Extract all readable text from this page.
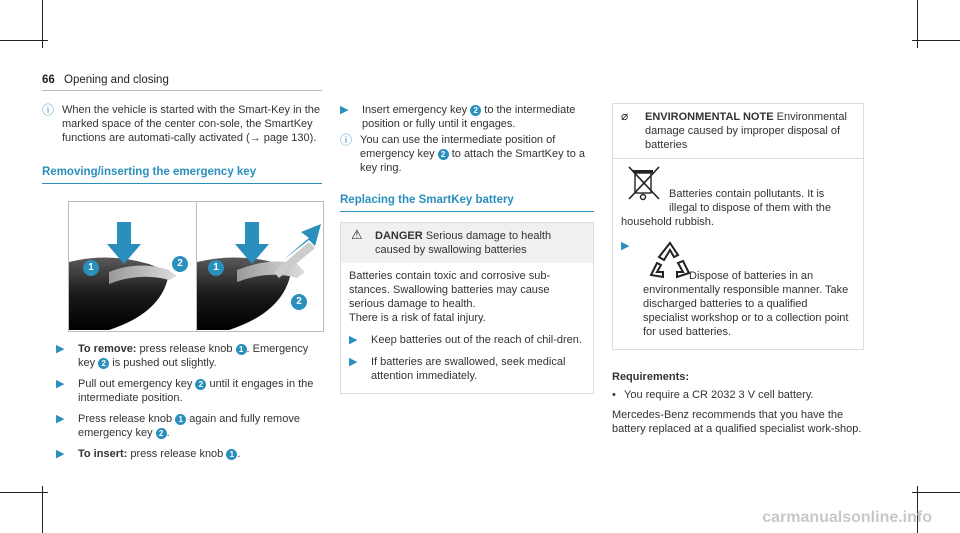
66 Opening and closing
ⓘ When the vehicle is started with the Smart-Key in the marked space of the center con-sole, the SmartKey functions are automati-cally activated (→ page 130).

Removing/inserting the emergency key

1	2	1
2
▶ To remove: press release knob 1 . Emergency key 2 is pushed out slightly.

▶ Pull out emergency key 2 until it engages in the intermediate position.

▶ Press release knob 1 again and fully remove emergency key 2 .

▶ To insert: press release knob 1 .

▶ Insert emergency key 2 to the intermediate position or fully until it engages.

ⓘ You can use the intermediate position of emergency key 2 to attach the SmartKey to a key ring.

Replacing the SmartKey battery

⚠ DANGER Serious damage to health caused by swallowing batteries

Batteries contain toxic and corrosive sub-stances. Swallowing batteries may cause serious damage to health.

There is a risk of fatal injury.

▶ Keep batteries out of the reach of chil-dren.

▶ If batteries are swallowed, seek medical attention immediately.

⌀ ENVIRONMENTAL NOTE Environmental damage caused by improper disposal of batteries

Batteries contain pollutants. It is illegal to dispose of them with the household rubbish.

▶

Dispose of batteries in an environmentally responsible manner. Take discharged batteries to a qualified specialist workshop or to a collection point for used batteries.

Requirements:

• You require a CR 2032 3 V cell battery.

Mercedes-Benz recommends that you have the battery replaced at a qualified specialist work-shop.

carmanualsonline.info
